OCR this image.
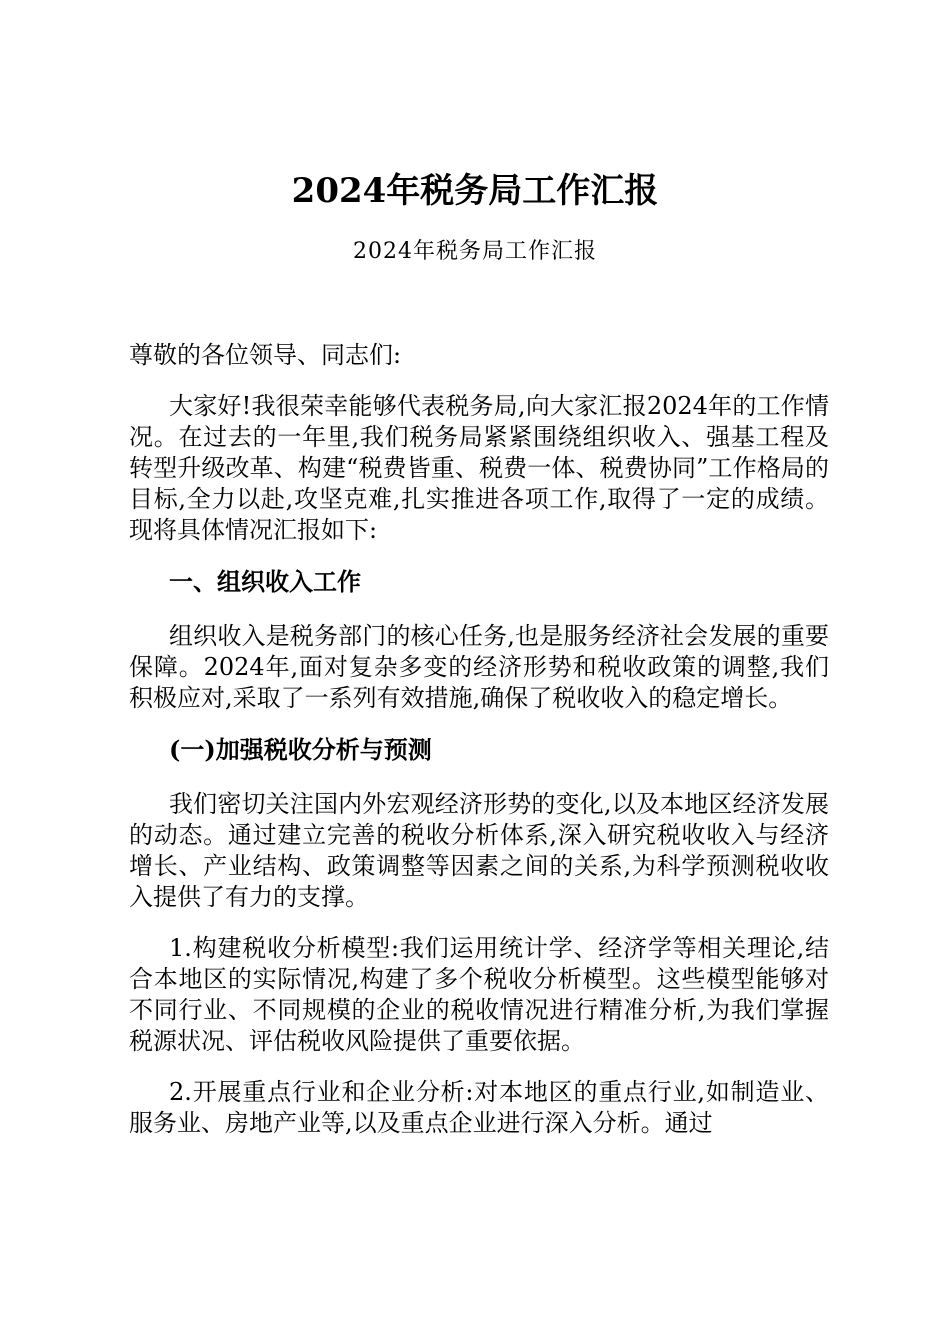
2024年税务局工作汇报
2024年税务局工作汇报

尊敬的各位领导、同志们:

大家好!我很荣幸能够代表税务局,向大家汇报2024年的工作情况。在过去的一年里,我们税务局紧紧围绕组织收入、强基工程及转型升级改革、构建“税费皆重、税费一体、税费协同”工作格局的目标,全力以赴,攻坚克难,扎实推进各项工作,取得了一定的成绩。现将具体情况汇报如下:

一、组织收入工作

组织收入是税务部门的核心任务,也是服务经济社会发展的重要保障。2024年,面对复杂多变的经济形势和税收政策的调整,我们积极应对,采取了一系列有效措施,确保了税收收入的稳定增长。

(一)加强税收分析与预测

我们密切关注国内外宏观经济形势的变化,以及本地区经济发展的动态。通过建立完善的税收分析体系,深入研究税收收入与经济增长、产业结构、政策调整等因素之间的关系,为科学预测税收收入提供了有力的支撑。

1.构建税收分析模型:我们运用统计学、经济学等相关理论,结合本地区的实际情况,构建了多个税收分析模型。这些模型能够对不同行业、不同规模的企业的税收情况进行精准分析,为我们掌握税源状况、评估税收风险提供了重要依据。

2.开展重点行业和企业分析:对本地区的重点行业,如制造业、服务业、房地产业等,以及重点企业进行深入分析。通过
